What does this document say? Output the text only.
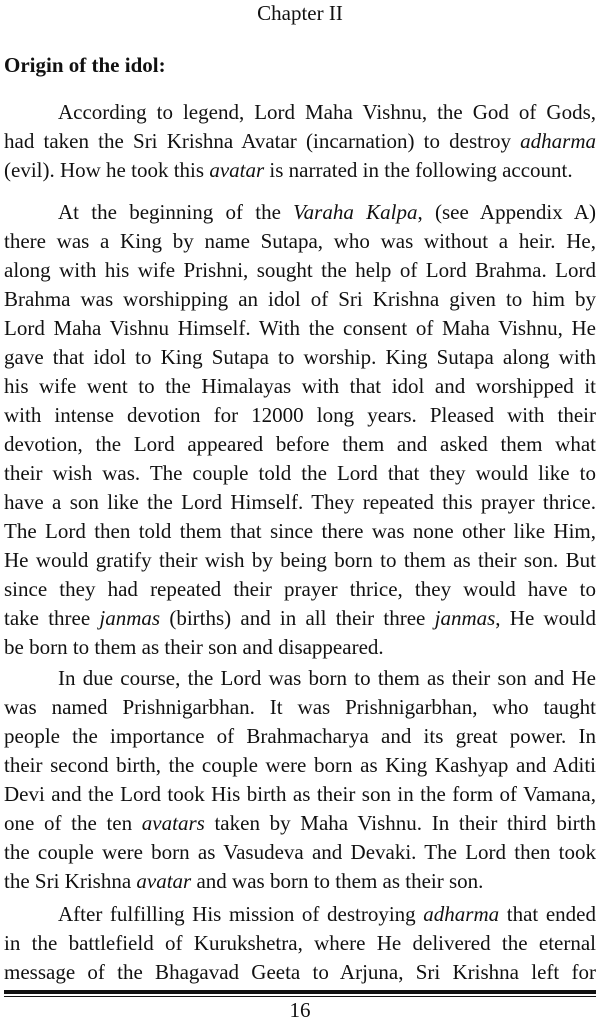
Chapter II
Origin of the idol:

According to legend, Lord Maha Vishnu, the God of Gods,
had taken the Sri Krishna Avatar (incarnation) to destroy adharma
(evil). How he took this avatar is narrated in the following account.

At the beginning of the Varaha Kalpa, (see Appendix A)
there was a King by name Sutapa, who was without a heir. He,
along with his wife Prishni, sought the help of Lord Brahma. Lord
Brahma was worshipping an idol of Sri Krishna given to him by
Lord Maha Vishnu Himself. With the consent of Maha Vishnu, He
gave that idol to King Sutapa to worship. King Sutapa along with
his wife went to the Himalayas with that idol and worshipped it
with intense devotion for 12000 long years. Pleased with their
devotion, the Lord appeared before them and asked them what
their wish was. The couple told the Lord that they would like to
have a son like the Lord Himself. They repeated this prayer thrice.
The Lord then told them that since there was none other like Him,
He would gratify their wish by being born to them as their son. But
since they had repeated their prayer thrice, they would have to
take three janmas (births) and in all their three janmas, He would
be born to them as their son and disappeared.

In due course, the Lord was born to them as their son and He
was named Prishnigarbhan. It was Prishnigarbhan, who taught
people the importance of Brahmacharya and its great power. In
their second birth, the couple were born as King Kashyap and Aditi
Devi and the Lord took His birth as their son in the form of Vamana,
one of the ten avatars taken by Maha Vishnu. In their third birth
the couple were born as Vasudeva and Devaki. The Lord then took
the Sri Krishna avatar and was born to them as their son.

After fulfilling His mission of destroying adharma that ended
in the battlefield of Kurukshetra, where He delivered the eternal
message of the Bhagavad Geeta to Arjuna, Sri Krishna left for

16
